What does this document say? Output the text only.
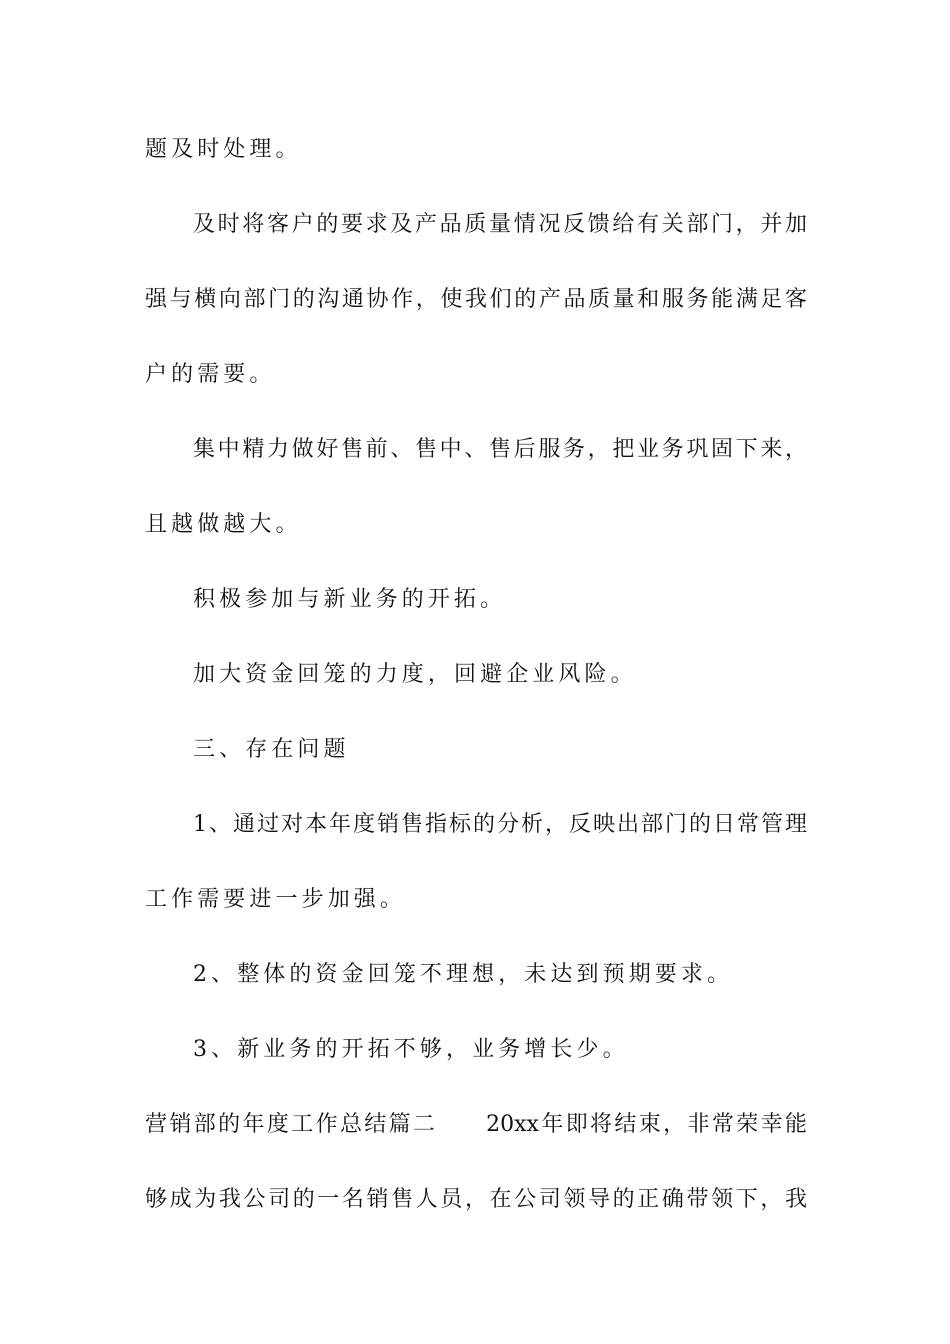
题及时处理。
及时将客户的要求及产品质量情况反馈给有关部门，并加
强与横向部门的沟通协作，使我们的产品质量和服务能满足客
户的需要。
集中精力做好售前、售中、售后服务，把业务巩固下来，
且越做越大。
积极参加与新业务的开拓。
加大资金回笼的力度，回避企业风险。
三、存在问题
1、通过对本年度销售指标的分析，反映出部门的日常管理
工作需要进一步加强。
2、整体的资金回笼不理想，未达到预期要求。
3、新业务的开拓不够，业务增长少。
营销部的年度工作总结篇二　　20xx年即将结束，非常荣幸能
够成为我公司的一名销售人员，在公司领导的正确带领下，我
